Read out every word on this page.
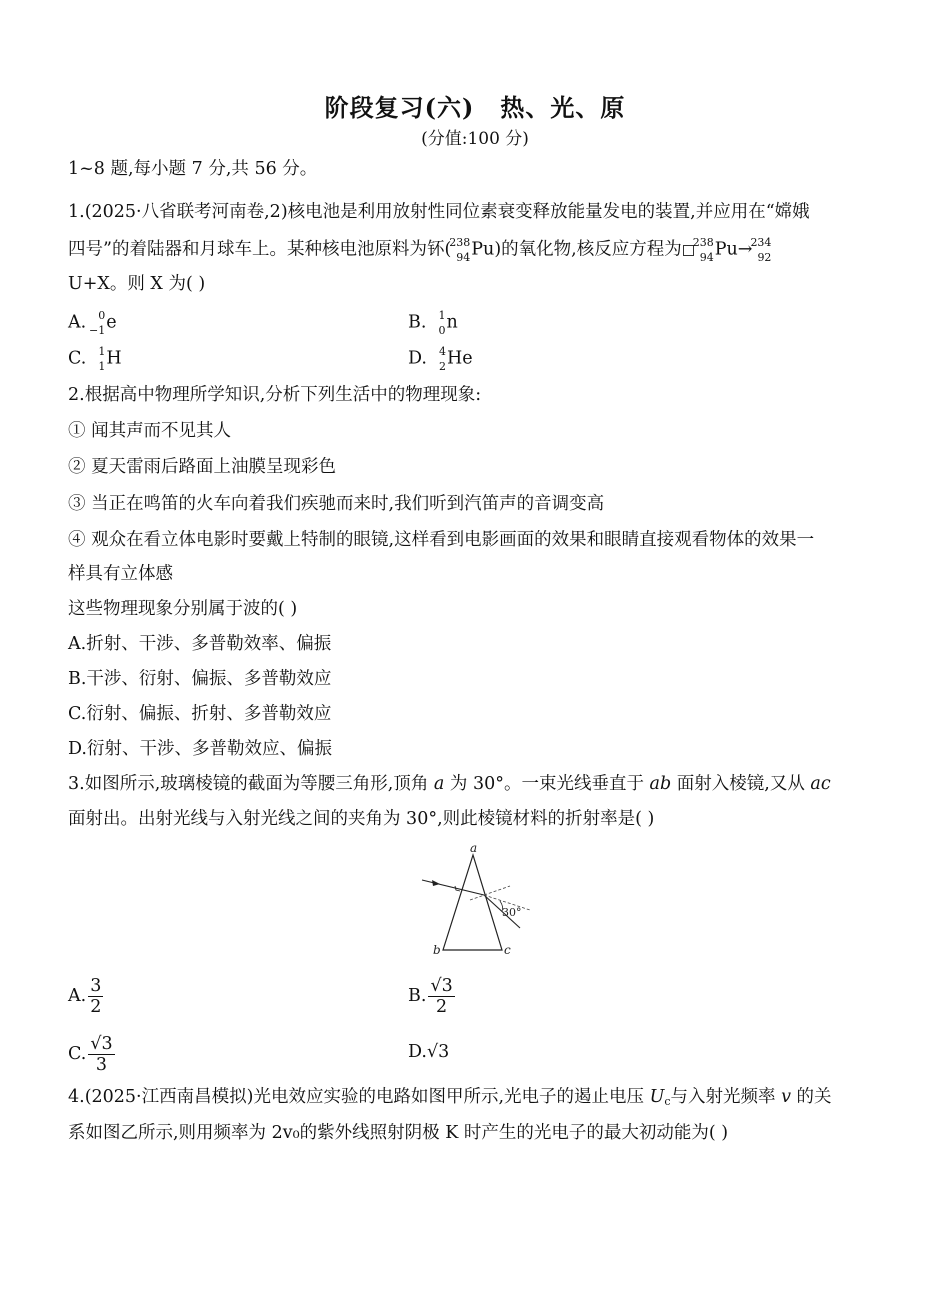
阶段复习(六) 热、光、原
(分值:100 分)
1~8 题,每小题 7 分,共 56 分。
1.(2025·八省联考河南卷,2)核电池是利用放射性同位素衰变释放能量发电的装置,并应用在“嫦娥
四号”的着陆器和月球车上。某种核电池原料为钚(
238
94 Pu)的氧化物,核反应方程为 238
94 Pu→
234
92
U+X。则 X 为( )
A. 0
−1 e	B. 1
0 n
C. 1
1 H	D. 4
2 He
2.根据高中物理所学知识,分析下列生活中的物理现象:
① 闻其声而不见其人
② 夏天雷雨后路面上油膜呈现彩色
③ 当正在鸣笛的火车向着我们疾驰而来时,我们听到汽笛声的音调变高
④ 观众在看立体电影时要戴上特制的眼镜,这样看到电影画面的效果和眼睛直接观看物体的效果一
样具有立体感
这些物理现象分别属于波的( )
A.折射、干涉、多普勒效率、偏振
B.干涉、衍射、偏振、多普勒效应
C.衍射、偏振、折射、多普勒效应
D.衍射、干涉、多普勒效应、偏振
3.如图所示,玻璃棱镜的截面为等腰三角形,顶角 a 为 30°。一束光线垂直于 ab 面射入棱镜,又从 ac
面射出。出射光线与入射光线之间的夹角为 30°,则此棱镜材料的折射率是( )
a
b	c
30°
A. $\frac{3}{2}$	B. $\frac{√3}{2}$
C. $\frac{√3}{3}$	D.√3
4.(2025·江西南昌模拟)光电效应实验的电路如图甲所示,光电子的遏止电压 $U_c$与入射光频率 v 的关
系如图乙所示,则用频率为 2v₀的紫外线照射阴极 K 时产生的光电子的最大初动能为( )
